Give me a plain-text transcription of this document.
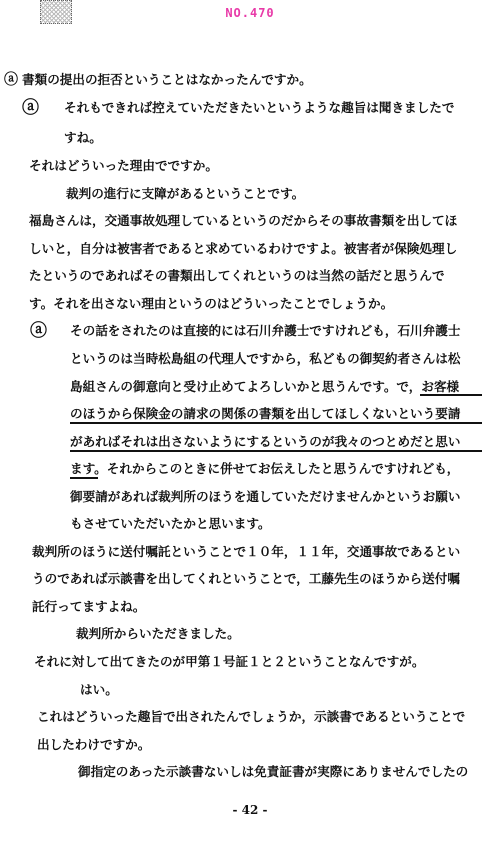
NO.470
ⓐ
ⓐ
ⓐ
書類の提出の拒否ということはなかったんですか。
それもできれば控えていただきたいというような趣旨は聞きましたで
すね。
それはどういった理由でですか。
裁判の進行に支障があるということです。
福島さんは，交通事故処理しているというのだからその事故書類を出してほ
しいと，自分は被害者であると求めているわけですよ。被害者が保険処理し
たというのであればその書類出してくれというのは当然の話だと思うんで
す。それを出さない理由というのはどういったことでしょうか。
その話をされたのは直接的には石川弁護士ですけれども，石川弁護士
というのは当時松島組の代理人ですから，私どもの御契約者さんは松
島組さんの御意向と受け止めてよろしいかと思うんです。で，お客様
のほうから保険金の請求の関係の書類を出してほしくないという要請
があればそれは出さないようにするというのが我々のつとめだと思い
ます。それからこのときに併せてお伝えしたと思うんですけれども，
御要請があれば裁判所のほうを通していただけませんかというお願い
もさせていただいたかと思います。
裁判所のほうに送付嘱託ということで１０年，１１年，交通事故であるとい
うのであれば示談書を出してくれということで，工藤先生のほうから送付嘱
託行ってますよね。
裁判所からいただきました。
それに対して出てきたのが甲第１号証１と２ということなんですが。
はい。
これはどういった趣旨で出されたんでしょうか，示談書であるということで
出したわけですか。
御指定のあった示談書ないしは免責証書が実際にありませんでしたの
- 42 -
